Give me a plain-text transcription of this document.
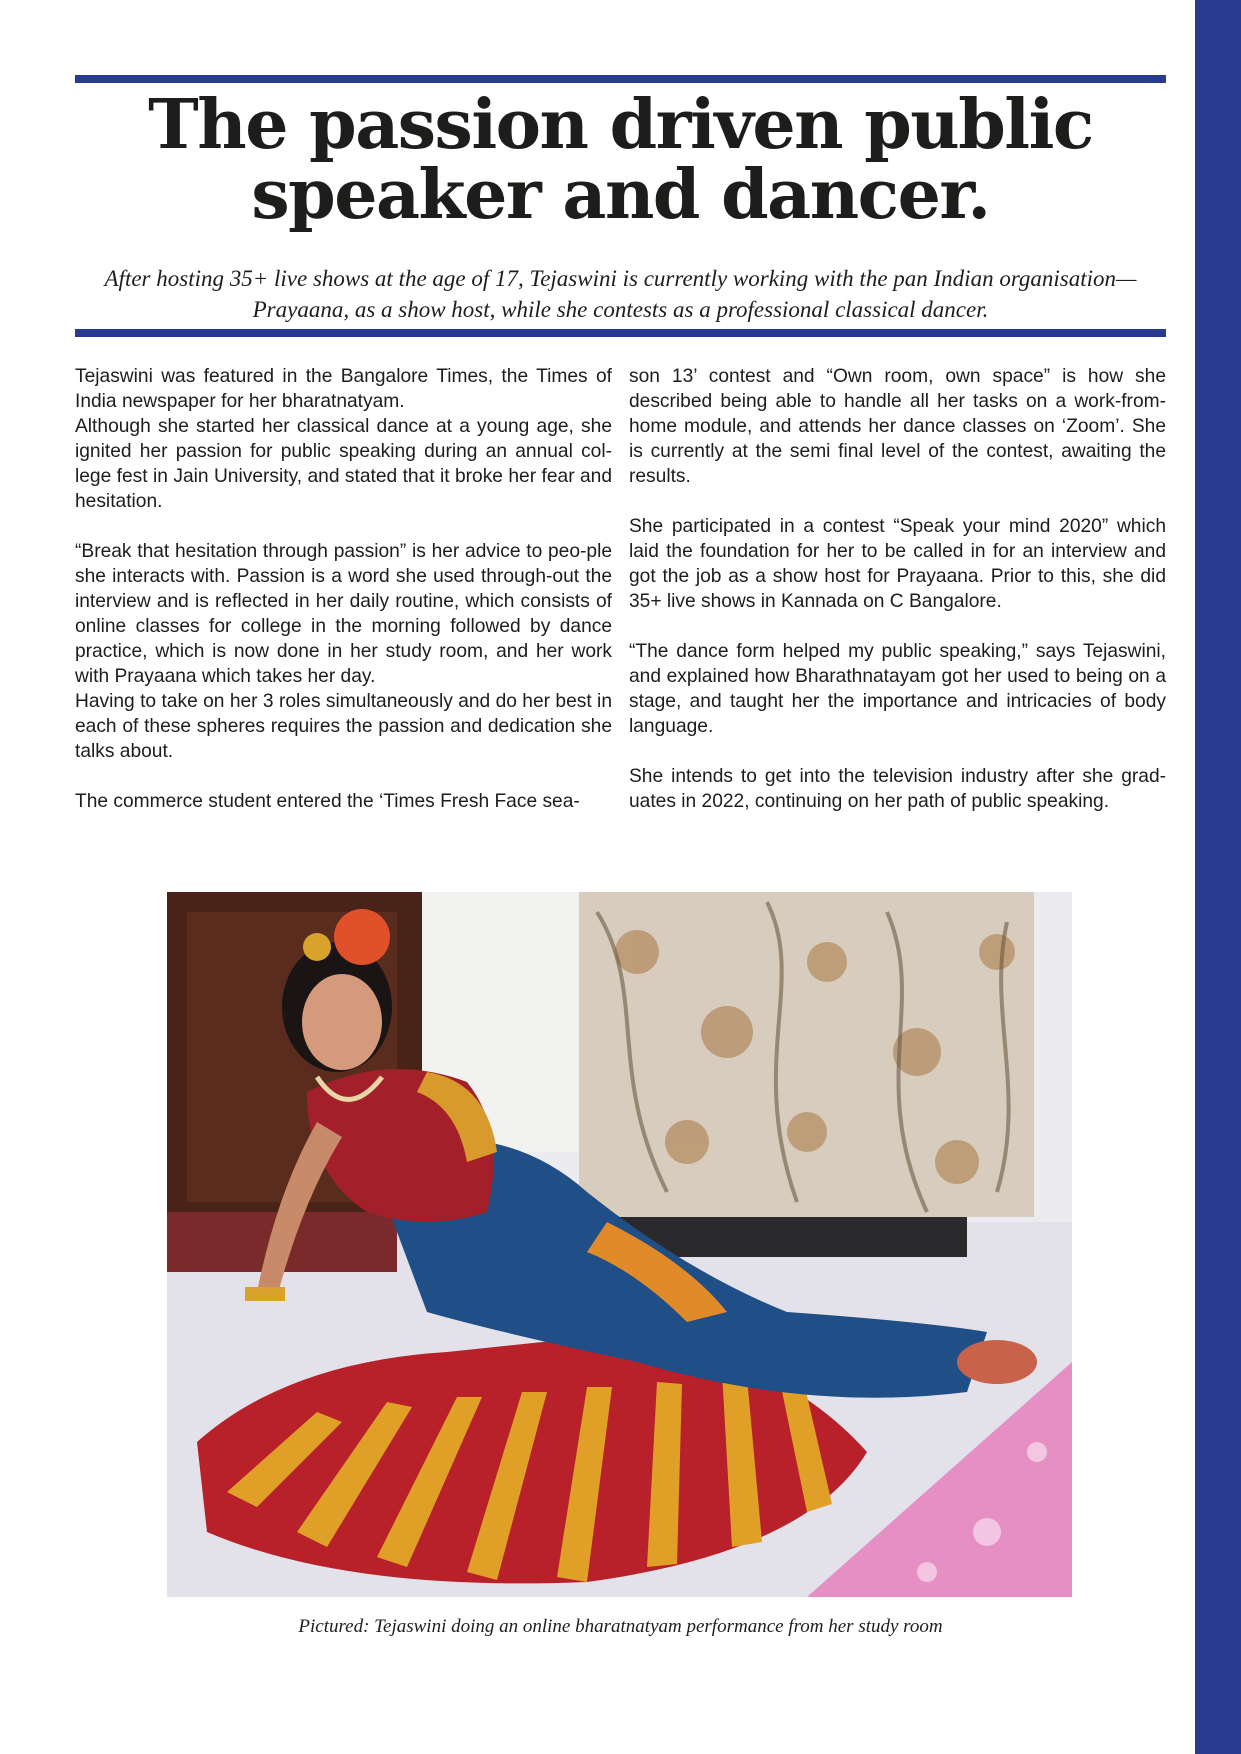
The passion driven public speaker and dancer.

After hosting 35+ live shows at the age of 17, Tejaswini is currently working with the pan Indian organisation—Prayaana, as a show host, while she contests as a professional classical dancer.

Tejaswini was featured in the Bangalore Times, the Times of India newspaper for her bharatnatyam.

Although she started her classical dance at a young age, she ignited her passion for public speaking during an annual col-lege fest in Jain University, and stated that it broke her fear and hesitation.

“Break that hesitation through passion” is her advice to peo-ple she interacts with. Passion is a word she used through-out the interview and is reflected in her daily routine, which consists of online classes for college in the morning followed by dance practice, which is now done in her study room, and her work with Prayaana which takes her day.

Having to take on her 3 roles simultaneously and do her best in each of these spheres requires the passion and dedication she talks about.

The commerce student entered the ‘Times Fresh Face sea-

son 13’ contest and “Own room, own space” is how she described being able to handle all her tasks on a work-from-home module, and attends her dance classes on ‘Zoom’. She is currently at the semi final level of the contest, awaiting the results.

She participated in a contest “Speak your mind 2020” which laid the foundation for her to be called in for an interview and got the job as a show host for Prayaana. Prior to this, she did 35+ live shows in Kannada on C Bangalore.

“The dance form helped my public speaking,” says Tejaswini, and explained how Bharathnatayam got her used to being on a stage, and taught her the importance and intricacies of body language.

She intends to get into the television industry after she grad-uates in 2022, continuing on her path of public speaking.

Pictured: Tejaswini doing an online bharatnatyam performance from her study room
